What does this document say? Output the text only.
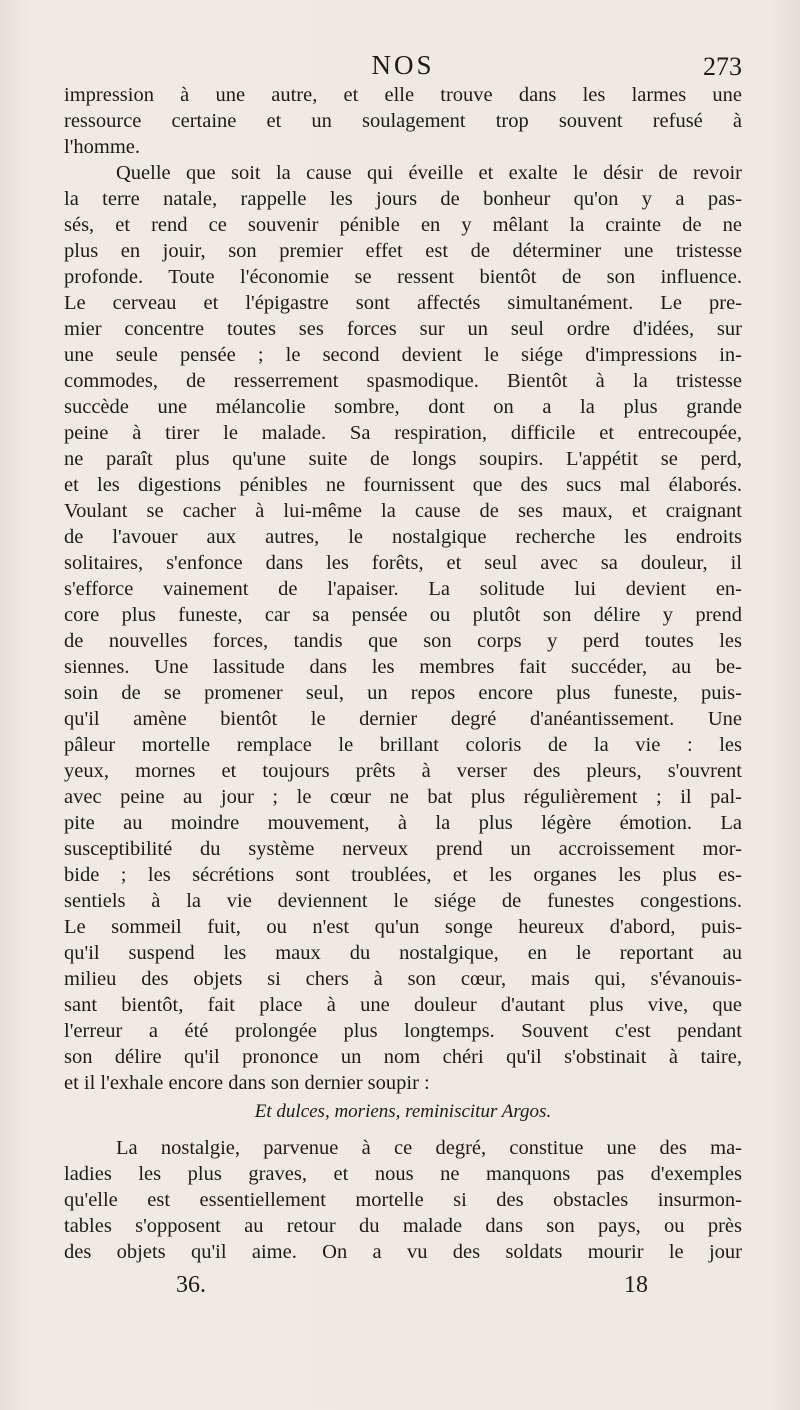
NOS	273
impression à une autre, et elle trouve dans les larmes une
ressource certaine et un soulagement trop souvent refusé à
l'homme.
Quelle que soit la cause qui éveille et exalte le désir de revoir
la terre natale, rappelle les jours de bonheur qu'on y a pas-
sés, et rend ce souvenir pénible en y mêlant la crainte de ne
plus en jouir, son premier effet est de déterminer une tristesse
profonde. Toute l'économie se ressent bientôt de son influence.
Le cerveau et l'épigastre sont affectés simultanément. Le pre-
mier concentre toutes ses forces sur un seul ordre d'idées, sur
une seule pensée ; le second devient le siége d'impressions in-
commodes, de resserrement spasmodique. Bientôt à la tristesse
succède une mélancolie sombre, dont on a la plus grande
peine à tirer le malade. Sa respiration, difficile et entrecoupée,
ne paraît plus qu'une suite de longs soupirs. L'appétit se perd,
et les digestions pénibles ne fournissent que des sucs mal élaborés.
Voulant se cacher à lui-même la cause de ses maux, et craignant
de l'avouer aux autres, le nostalgique recherche les endroits
solitaires, s'enfonce dans les forêts, et seul avec sa douleur, il
s'efforce vainement de l'apaiser. La solitude lui devient en-
core plus funeste, car sa pensée ou plutôt son délire y prend
de nouvelles forces, tandis que son corps y perd toutes les
siennes. Une lassitude dans les membres fait succéder, au be-
soin de se promener seul, un repos encore plus funeste, puis-
qu'il amène bientôt le dernier degré d'anéantissement. Une
pâleur mortelle remplace le brillant coloris de la vie : les
yeux, mornes et toujours prêts à verser des pleurs, s'ouvrent
avec peine au jour ; le cœur ne bat plus régulièrement ; il pal-
pite au moindre mouvement, à la plus légère émotion. La
susceptibilité du système nerveux prend un accroissement mor-
bide ; les sécrétions sont troublées, et les organes les plus es-
sentiels à la vie deviennent le siége de funestes congestions.
Le sommeil fuit, ou n'est qu'un songe heureux d'abord, puis-
qu'il suspend les maux du nostalgique, en le reportant au
milieu des objets si chers à son cœur, mais qui, s'évanouis-
sant bientôt, fait place à une douleur d'autant plus vive, que
l'erreur a été prolongée plus longtemps. Souvent c'est pendant
son délire qu'il prononce un nom chéri qu'il s'obstinait à taire,
et il l'exhale encore dans son dernier soupir :
Et dulces, moriens, reminiscitur Argos.
La nostalgie, parvenue à ce degré, constitue une des ma-
ladies les plus graves, et nous ne manquons pas d'exemples
qu'elle est essentiellement mortelle si des obstacles insurmon-
tables s'opposent au retour du malade dans son pays, ou près
des objets qu'il aime. On a vu des soldats mourir le jour
36.	18
